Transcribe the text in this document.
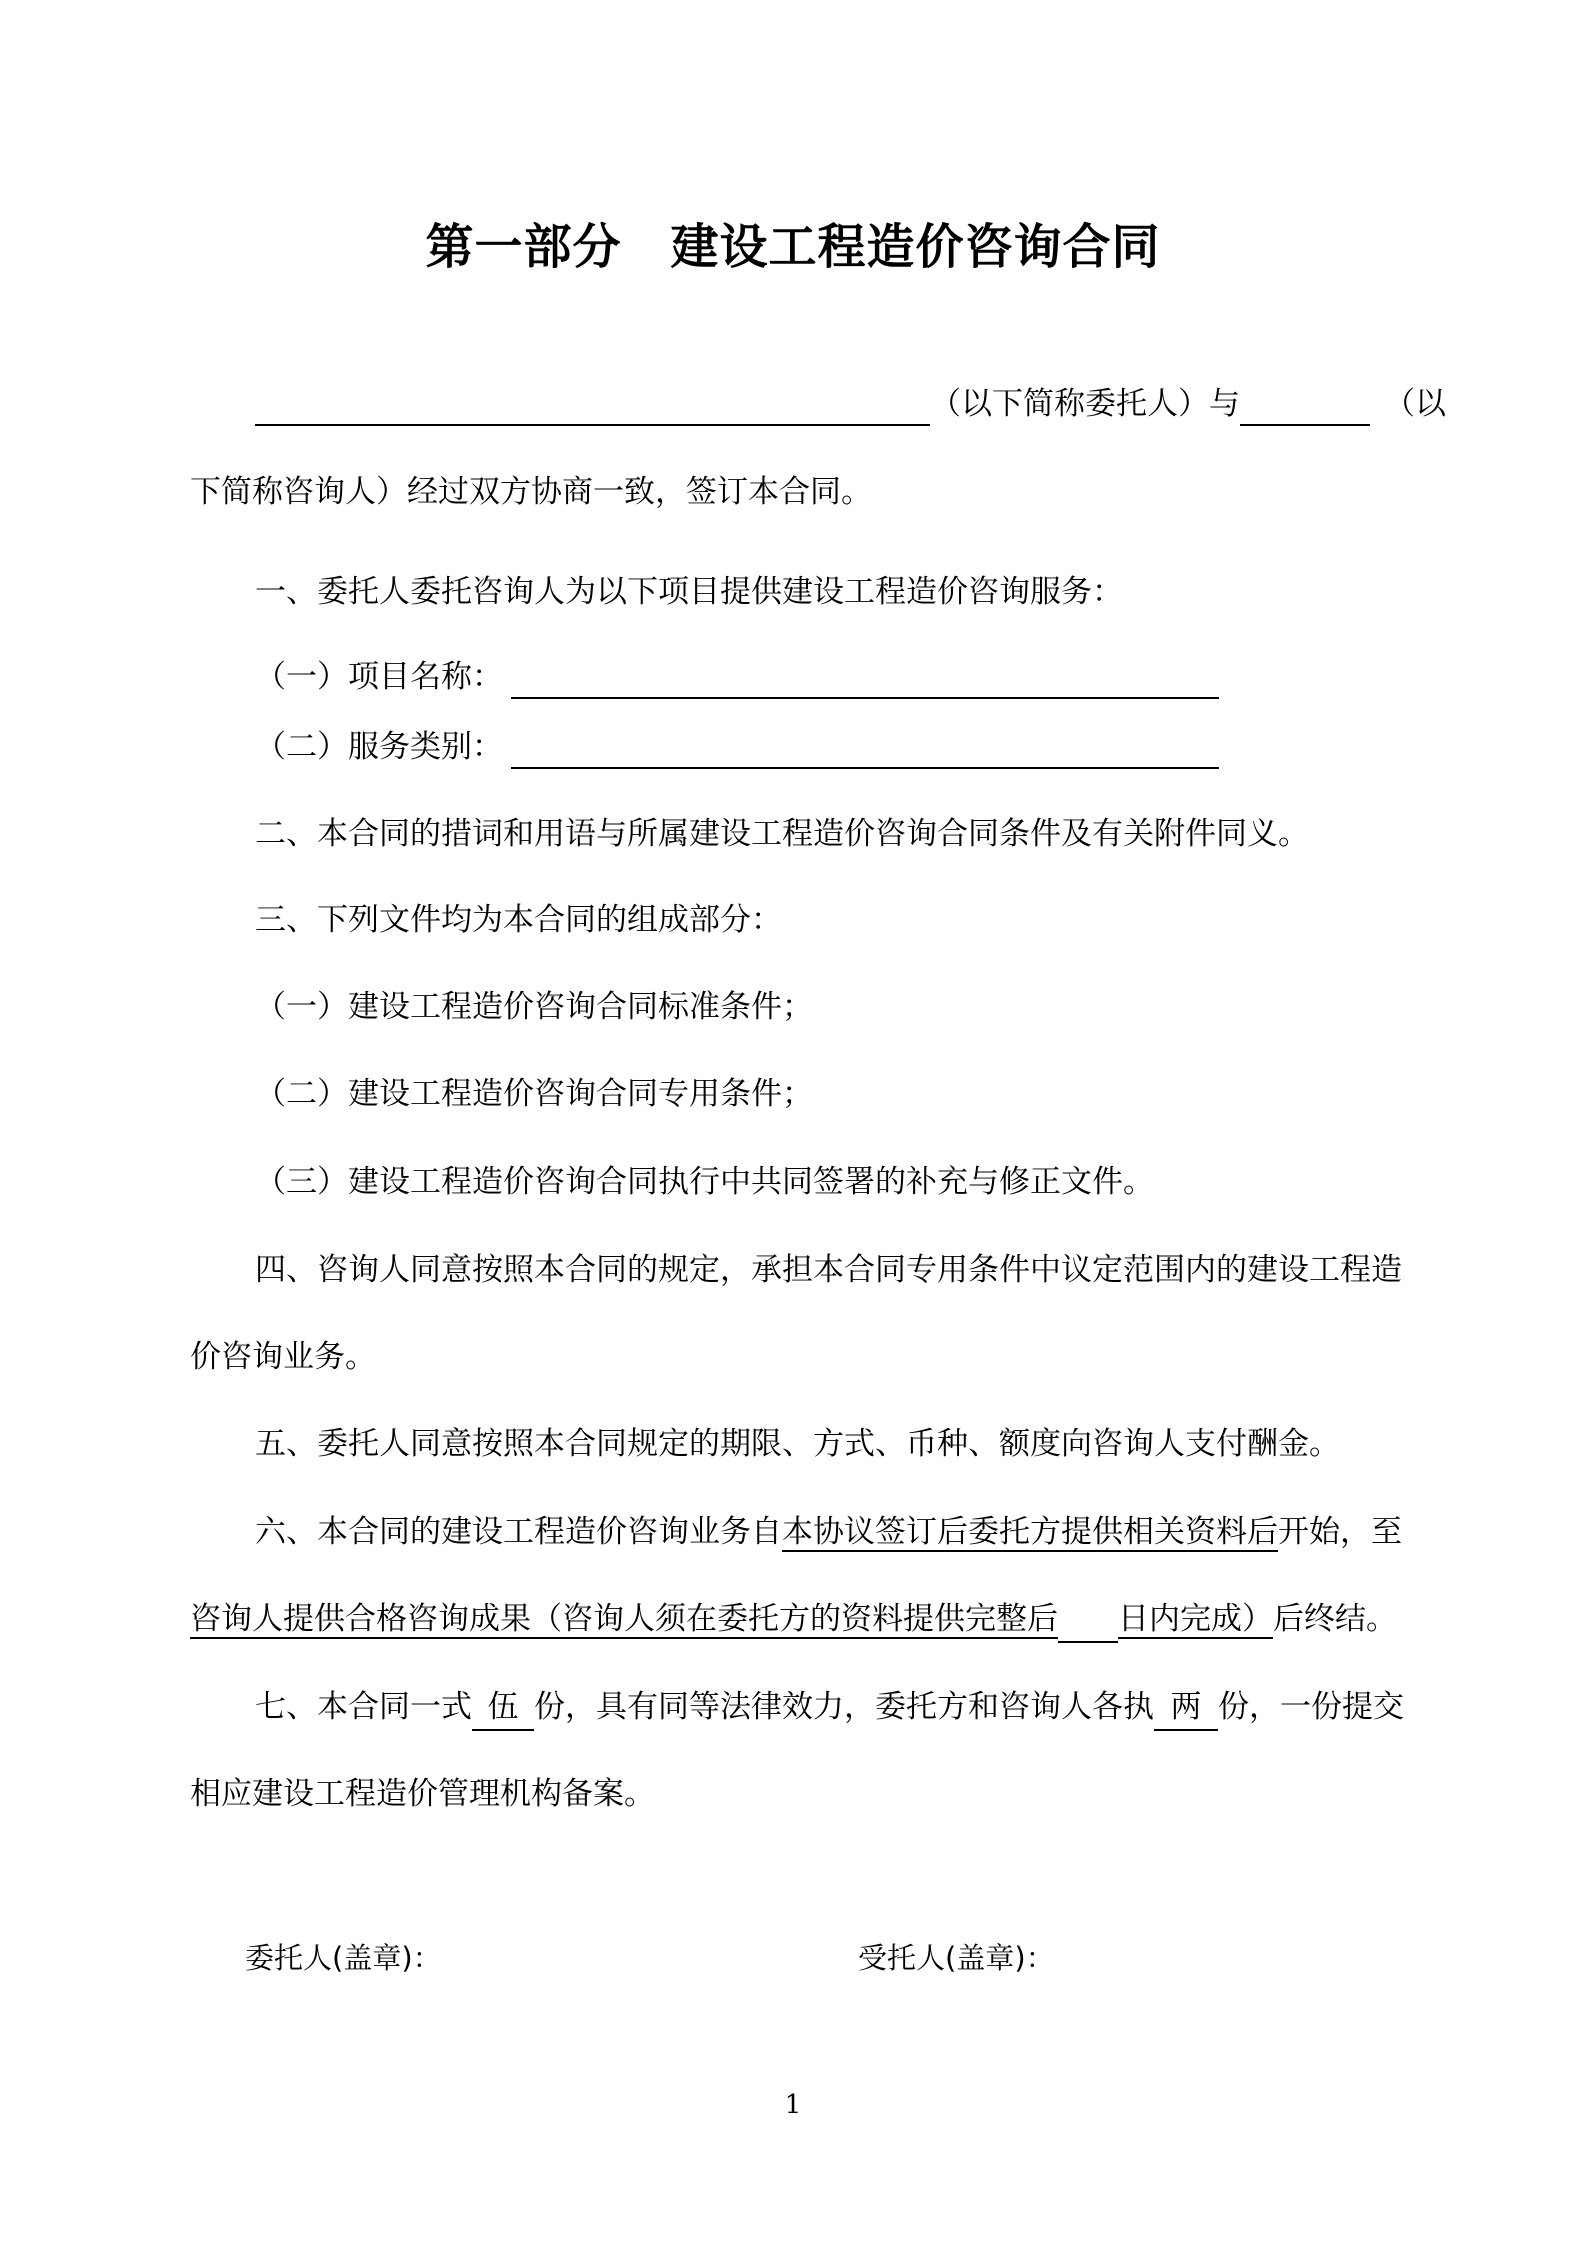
第一部分　建设工程造价咨询合同
（以下简称委托人）与	（以
下简称咨询人）经过双方协商一致，签订本合同。
一、委托人委托咨询人为以下项目提供建设工程造价咨询服务：
（一）项目名称：
（二）服务类别：
二、本合同的措词和用语与所属建设工程造价咨询合同条件及有关附件同义。
三、下列文件均为本合同的组成部分：
（一）建设工程造价咨询合同标准条件；
（二）建设工程造价咨询合同专用条件；
（三）建设工程造价咨询合同执行中共同签署的补充与修正文件。
四、咨询人同意按照本合同的规定，承担本合同专用条件中议定范围内的建设工程造
价咨询业务。
五、委托人同意按照本合同规定的期限、方式、币种、额度向咨询人支付酬金。
六、本合同的建设工程造价咨询业务自本协议签订后委托方提供相关资料后开始，至
咨询人提供合格咨询成果（咨询人须在委托方的资料提供完整后 日内完成）后终结。
七、本合同一式 伍 份，具有同等法律效力，委托方和咨询人各执 两 份，一份提交
相应建设工程造价管理机构备案。
委托人(盖章)：	受托人(盖章)：
1
